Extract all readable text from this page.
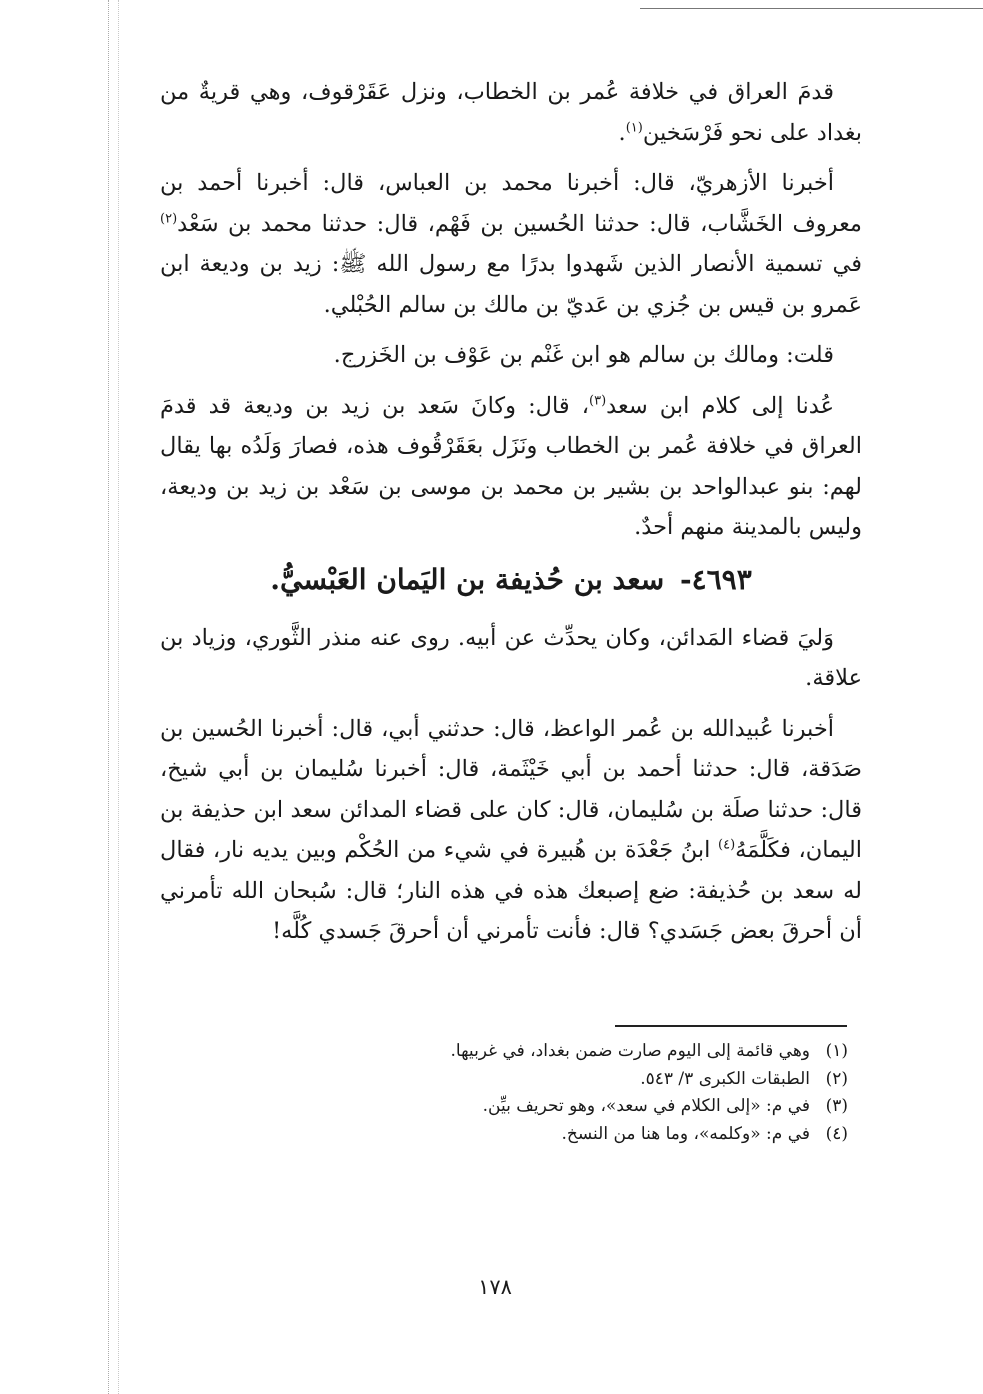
قدمَ العراق في خلافة عُمر بن الخطاب، ونزل عَقَرْقوف، وهي قريةٌ من بغداد على نحو فَرْسَخين$^{(١)}$.

أخبرنا الأزهريّ، قال: أخبرنا محمد بن العباس، قال: أخبرنا أحمد بن معروف الخَشَّاب، قال: حدثنا الحُسين بن فَهْم، قال: حدثنا محمد بن سَعْد$^{(٢)}$ في تسمية الأنصار الذين شَهدوا بدرًا مع رسول الله ﷺ: زيد بن وديعة ابن عَمرو بن قيس بن جُزي بن عَديّ بن مالك بن سالم الحُبْلي.

قلت: ومالك بن سالم هو ابن غَنْم بن عَوْف بن الخَزرج.

عُدنا إلى كلام ابن سعد$^{(٣)}$، قال: وكانَ سَعد بن زيد بن وديعة قد قدمَ العراق في خلافة عُمر بن الخطاب ونَزَل بعَقَرْقُوف هذه، فصارَ وَلَدُه بها يقال لهم: بنو عبدالواحد بن بشير بن محمد بن موسى بن سَعْد بن زيد بن وديعة، وليس بالمدينة منهم أحدٌ.

٤٦٩٣- سعد بن حُذيفة بن اليَمان العَبْسيُّ.

وَليَ قضاء المَدائن، وكان يحدِّث عن أبيه. روى عنه منذر الثَّوري، وزياد بن علاقة.

أخبرنا عُبيدالله بن عُمر الواعظ، قال: حدثني أبي، قال: أخبرنا الحُسين بن صَدَقة، قال: حدثنا أحمد بن أبي خَيْثَمة، قال: أخبرنا سُليمان بن أبي شيخ، قال: حدثنا صلَة بن سُليمان، قال: كان على قضاء المدائن سعد ابن حذيفة بن اليمان، فكَلَّمَهُ$^{(٤)}$ ابنُ جَعْدَة بن هُبيرة في شيء من الحُكْم وبين يديه نار، فقال له سعد بن حُذيفة: ضع إصبعك هذه في هذه النار؛ قال: سُبحان الله تأمرني أن أحرقَ بعض جَسَدي؟ قال: فأنت تأمرني أن أحرقَ جَسدي كُلَّه!

(١)وهي قائمة إلى اليوم صارت ضمن بغداد، في غربيها.
(٢)الطبقات الكبرى ٣/ ٥٤٣.
(٣)في م: «إلى الكلام في سعد»، وهو تحريف بيِّن.
(٤)في م: «وكلمه»، وما هنا من النسخ.
١٧٨
